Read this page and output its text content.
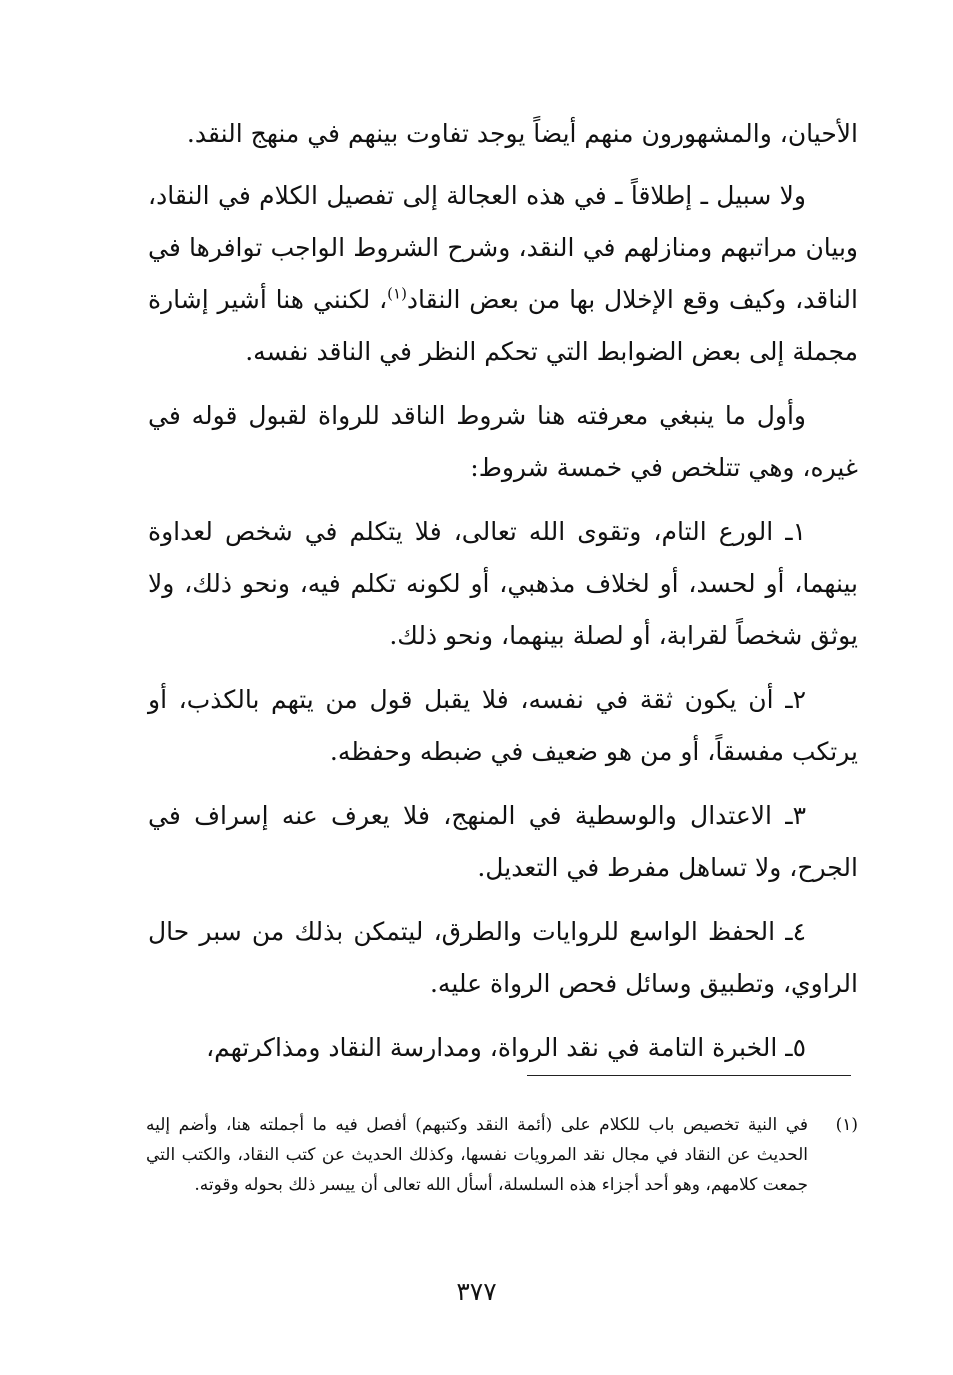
الأحيان، والمشهورون منهم أيضاً يوجد تفاوت بينهم في منهج النقد.

ولا سبيل ـ إطلاقاً ـ في هذه العجالة إلى تفصيل الكلام في النقاد، وبيان مراتبهم ومنازلهم في النقد، وشرح الشروط الواجب توافرها في الناقد، وكيف وقع الإخلال بها من بعض النقاد$^{(١)}$، لكنني هنا أشير إشارة مجملة إلى بعض الضوابط التي تحكم النظر في الناقد نفسه.

وأول ما ينبغي معرفته هنا شروط الناقد للرواة لقبول قوله في غيره، وهي تتلخص في خمسة شروط:

١ـ الورع التام، وتقوى الله تعالى، فلا يتكلم في شخص لعداوة بينهما، أو لحسد، أو لخلاف مذهبي، أو لكونه تكلم فيه، ونحو ذلك، ولا يوثق شخصاً لقرابة، أو لصلة بينهما، ونحو ذلك.

٢ـ أن يكون ثقة في نفسه، فلا يقبل قول من يتهم بالكذب، أو يرتكب مفسقاً، أو من هو ضعيف في ضبطه وحفظه.

٣ـ الاعتدال والوسطية في المنهج، فلا يعرف عنه إسراف في الجرح، ولا تساهل مفرط في التعديل.

٤ـ الحفظ الواسع للروايات والطرق، ليتمكن بذلك من سبر حال الراوي، وتطبيق وسائل فحص الرواة عليه.

٥ـ الخبرة التامة في نقد الرواة، ومدارسة النقاد ومذاكرتهم،

(١)
في النية تخصيص باب للكلام على (أئمة النقد وكتبهم) أفصل فيه ما أجملته هنا، وأضم إليه الحديث عن النقاد في مجال نقد المرويات نفسها، وكذلك الحديث عن كتب النقاد، والكتب التي جمعت كلامهم، وهو أحد أجزاء هذه السلسلة، أسأل الله تعالى أن ييسر ذلك بحوله وقوته.
٣٧٧
